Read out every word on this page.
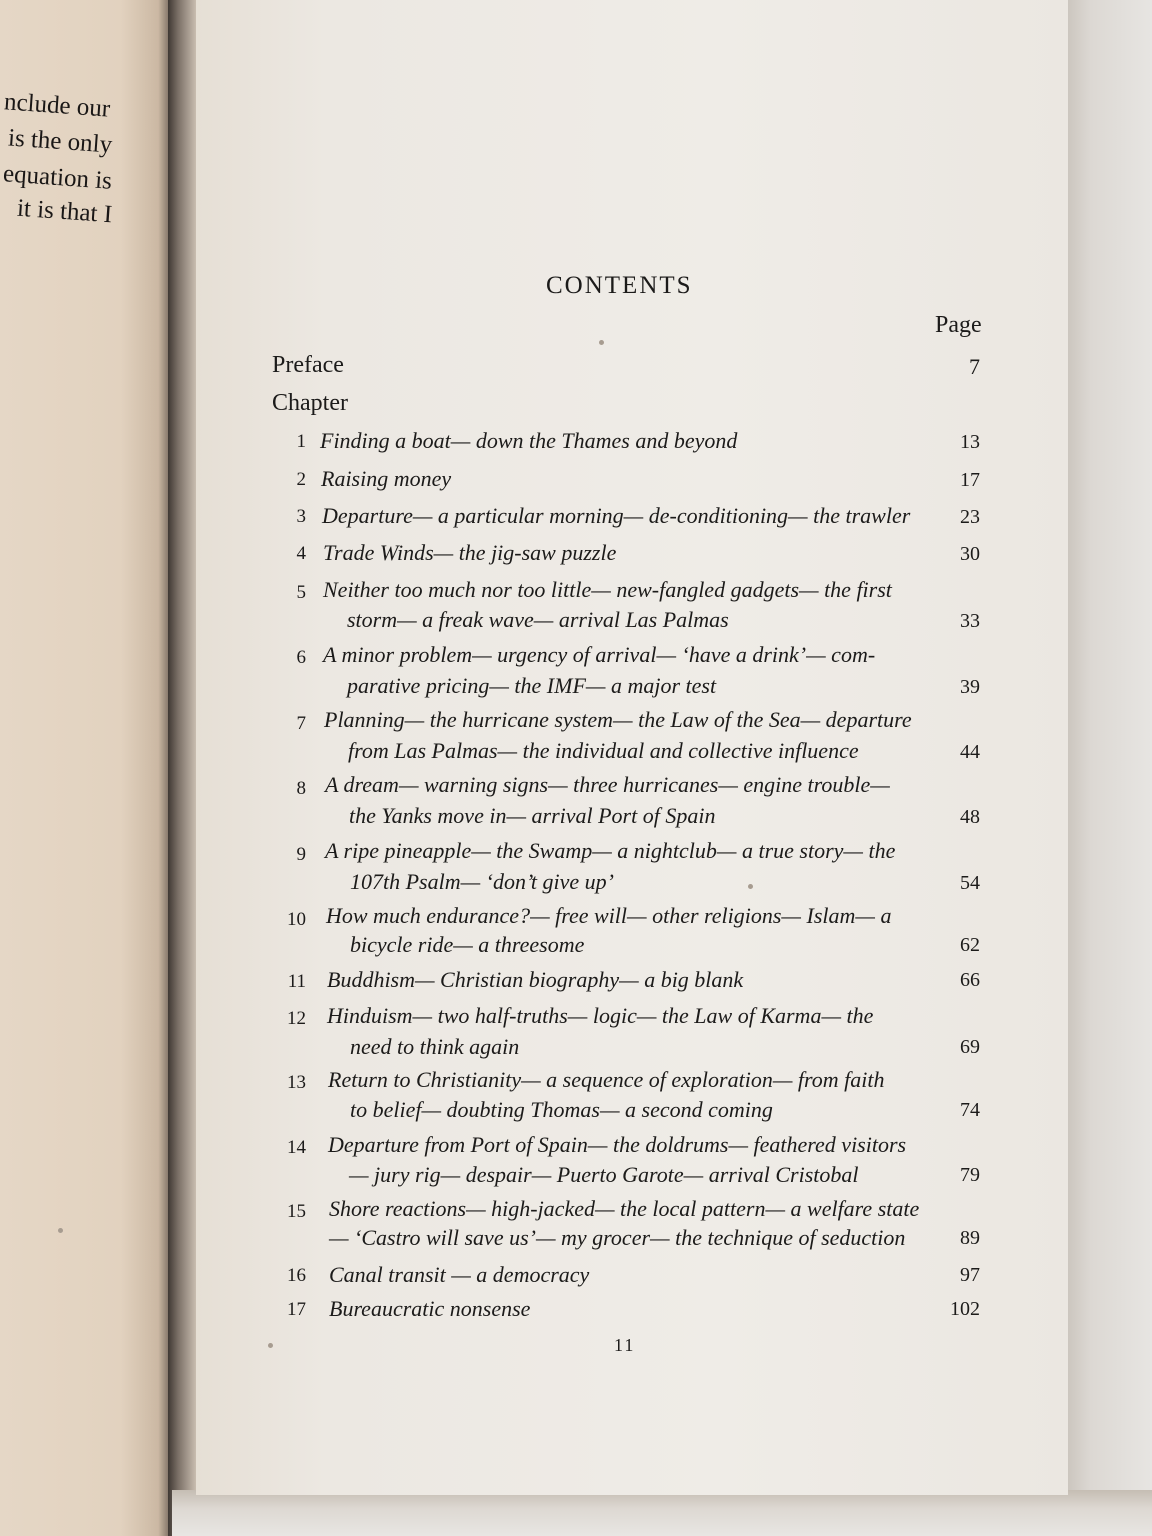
nclude our
is the only
equation is
it is that I
CONTENTS
Page
Preface	7
Chapter
1 Finding a boat— down the Thames and beyond	13
2 Raising money	17
3 Departure— a particular morning— de-conditioning— the trawler 23
4 Trade Winds— the jig-saw puzzle	30
5 Neither too much nor too little— new-fangled gadgets— the first
storm— a freak wave— arrival Las Palmas	33
6 A minor problem— urgency of arrival— ‘have a drink’— com-
parative pricing— the IMF— a major test	39
7 Planning— the hurricane system— the Law of the Sea— departure
from Las Palmas— the individual and collective influence	44
8 A dream— warning signs— three hurricanes— engine trouble—
the Yanks move in— arrival Port of Spain	48
9 A ripe pineapple— the Swamp— a nightclub— a true story— the
107th Psalm— ‘don’t give up’	54
10 How much endurance?— free will— other religions— Islam— a
bicycle ride— a threesome	62
11 Buddhism— Christian biography— a big blank	66
12 Hinduism— two half-truths— logic— the Law of Karma— the
need to think again	69
13 Return to Christianity— a sequence of exploration— from faith
to belief— doubting Thomas— a second coming	74
14 Departure from Port of Spain— the doldrums— feathered visitors
— jury rig— despair— Puerto Garote— arrival Cristobal	79
15 Shore reactions— high-jacked— the local pattern— a welfare state
— ‘Castro will save us’— my grocer— the technique of seduction	89
16 Canal transit — a democracy	97
17 Bureaucratic nonsense	102
11
